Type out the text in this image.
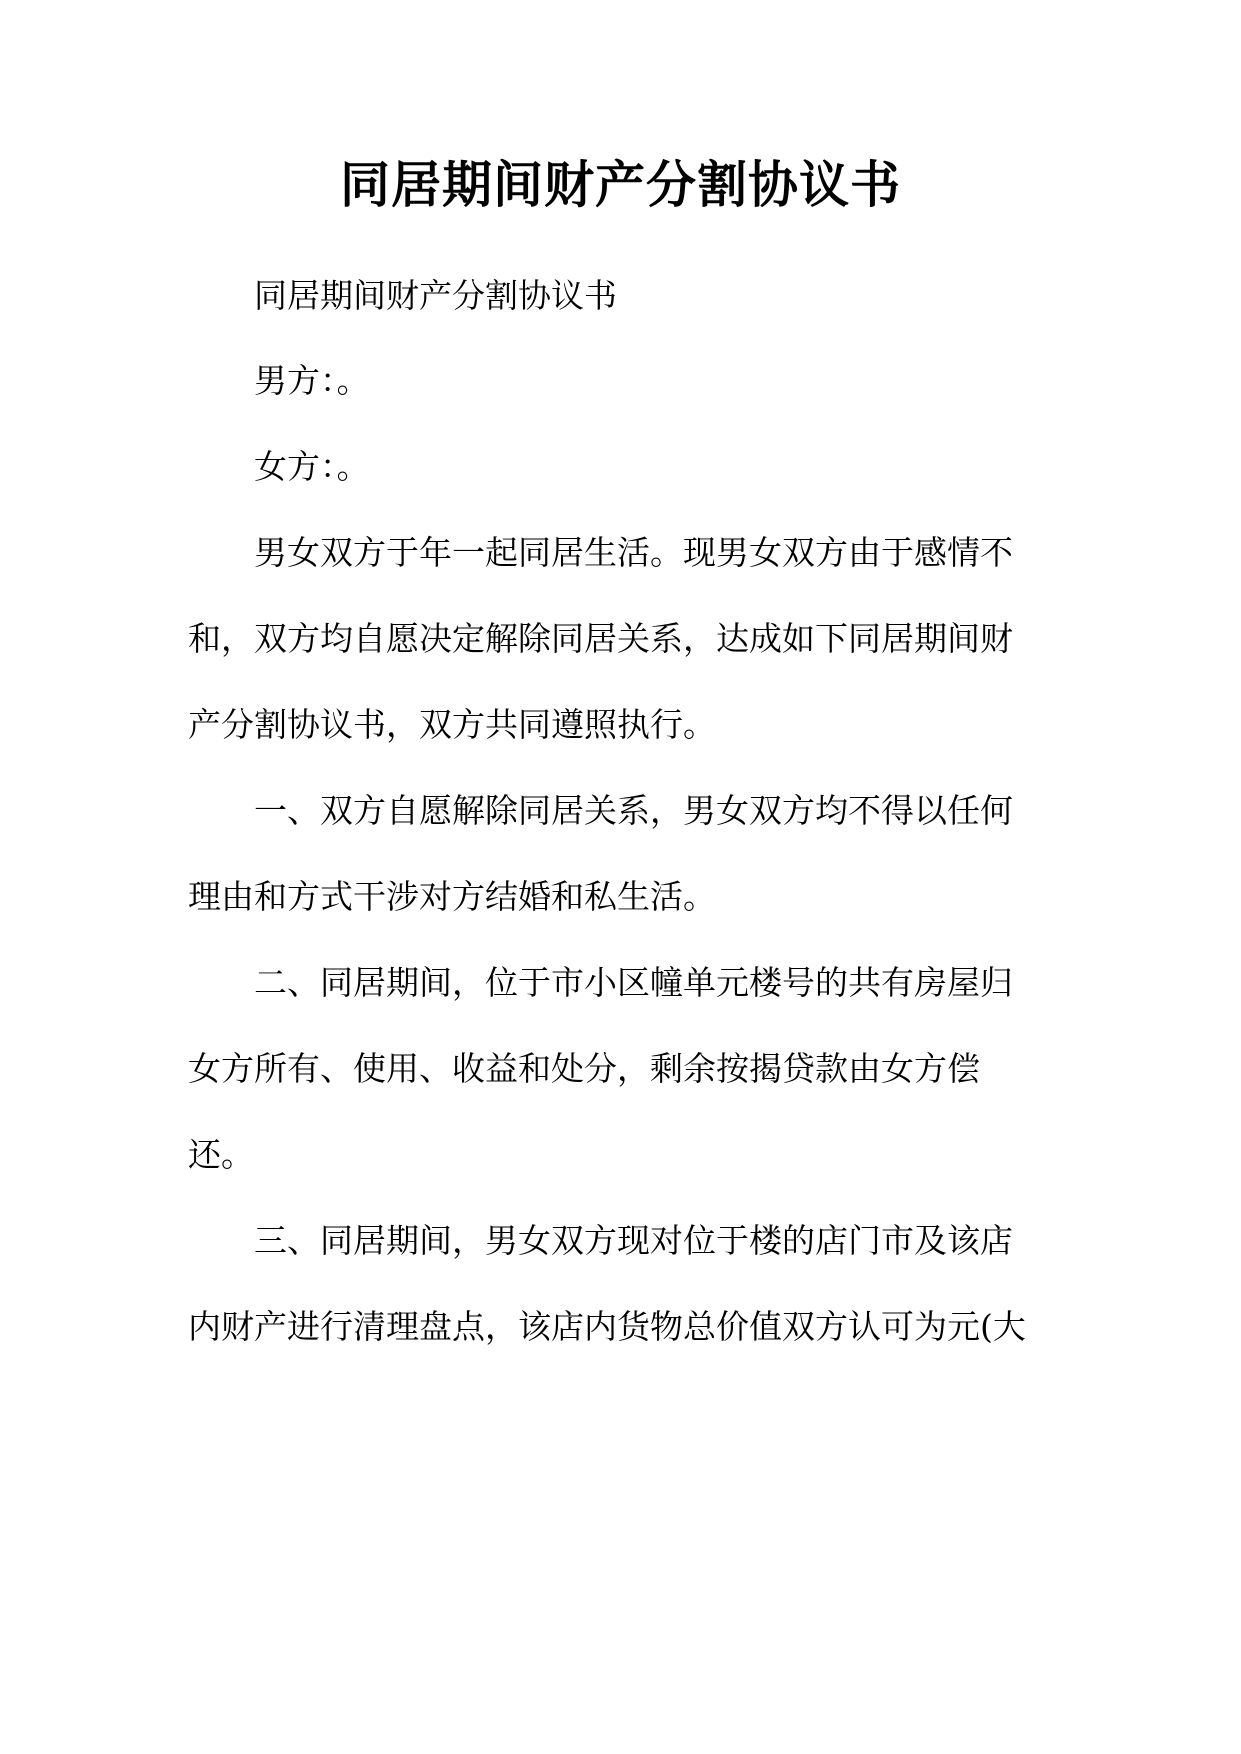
同居期间财产分割协议书
同居期间财产分割协议书
男方：。
女方：。
男女双方于年一起同居生活。现男女双方由于感情不
和，双方均自愿决定解除同居关系，达成如下同居期间财
产分割协议书，双方共同遵照执行。
一、双方自愿解除同居关系，男女双方均不得以任何
理由和方式干涉对方结婚和私生活。
二、同居期间，位于市小区幢单元楼号的共有房屋归
女方所有、使用、收益和处分，剩余按揭贷款由女方偿
还。
三、同居期间，男女双方现对位于楼的店门市及该店
内财产进行清理盘点，该店内货物总价值双方认可为元(大
